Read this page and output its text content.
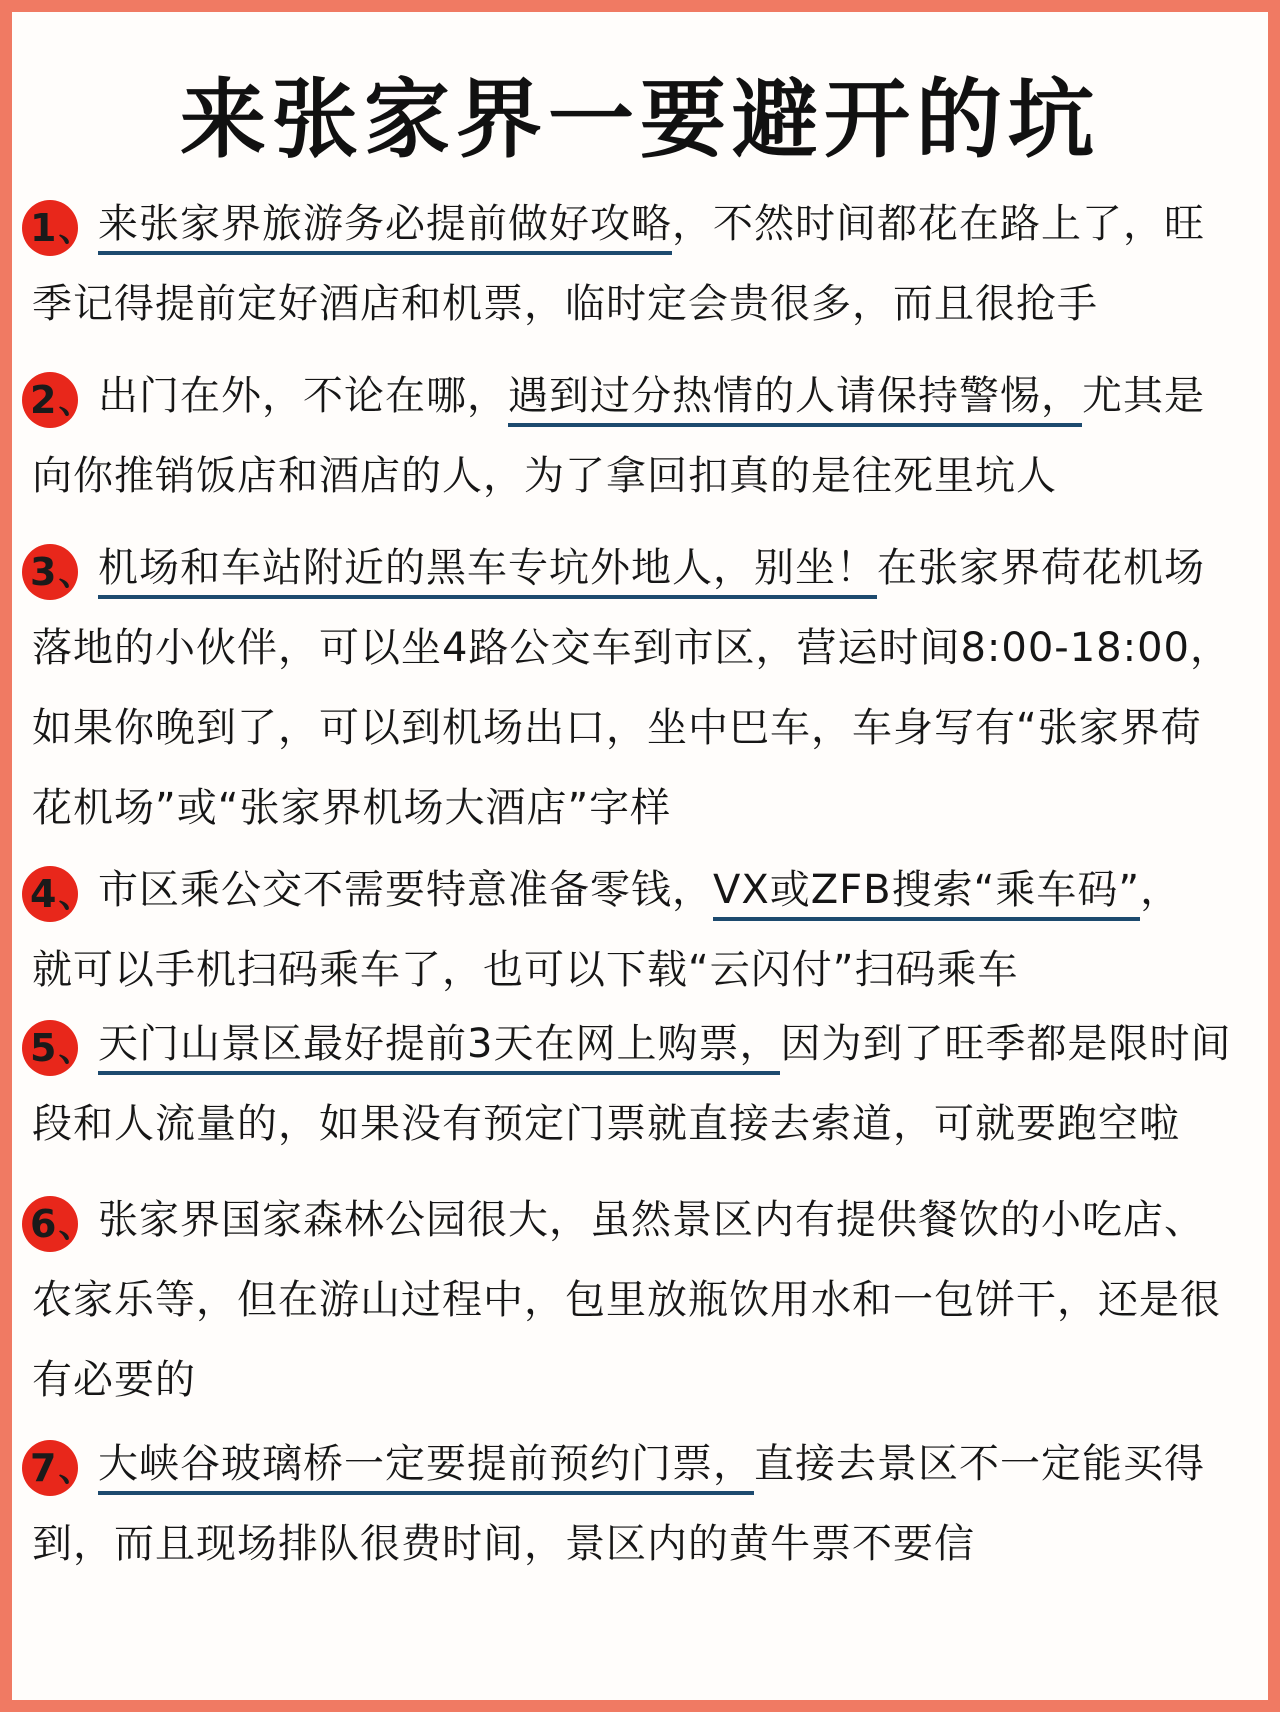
来张家界一要避开的坑
1、 来张家界旅游务必提前做好攻略，不然时间都花在路上了，旺
季记得提前定好酒店和机票，临时定会贵很多，而且很抢手
2、 出门在外，不论在哪，遇到过分热情的人请保持警惕，尤其是
向你推销饭店和酒店的人，为了拿回扣真的是往死里坑人
3、 机场和车站附近的黑车专坑外地人，别坐！在张家界荷花机场
落地的小伙伴，可以坐4路公交车到市区，营运时间8:00-18:00，
如果你晚到了，可以到机场出口，坐中巴车，车身写有“张家界荷
花机场”或“张家界机场大酒店”字样
4、 市区乘公交不需要特意准备零钱，VX或ZFB搜索“乘车码”，
就可以手机扫码乘车了，也可以下载“云闪付”扫码乘车
5、 天门山景区最好提前3天在网上购票，因为到了旺季都是限时间
段和人流量的，如果没有预定门票就直接去索道，可就要跑空啦
6、 张家界国家森林公园很大，虽然景区内有提供餐饮的小吃店、
农家乐等，但在游山过程中，包里放瓶饮用水和一包饼干，还是很
有必要的
7、 大峡谷玻璃桥一定要提前预约门票，直接去景区不一定能买得
到，而且现场排队很费时间，景区内的黄牛票不要信
